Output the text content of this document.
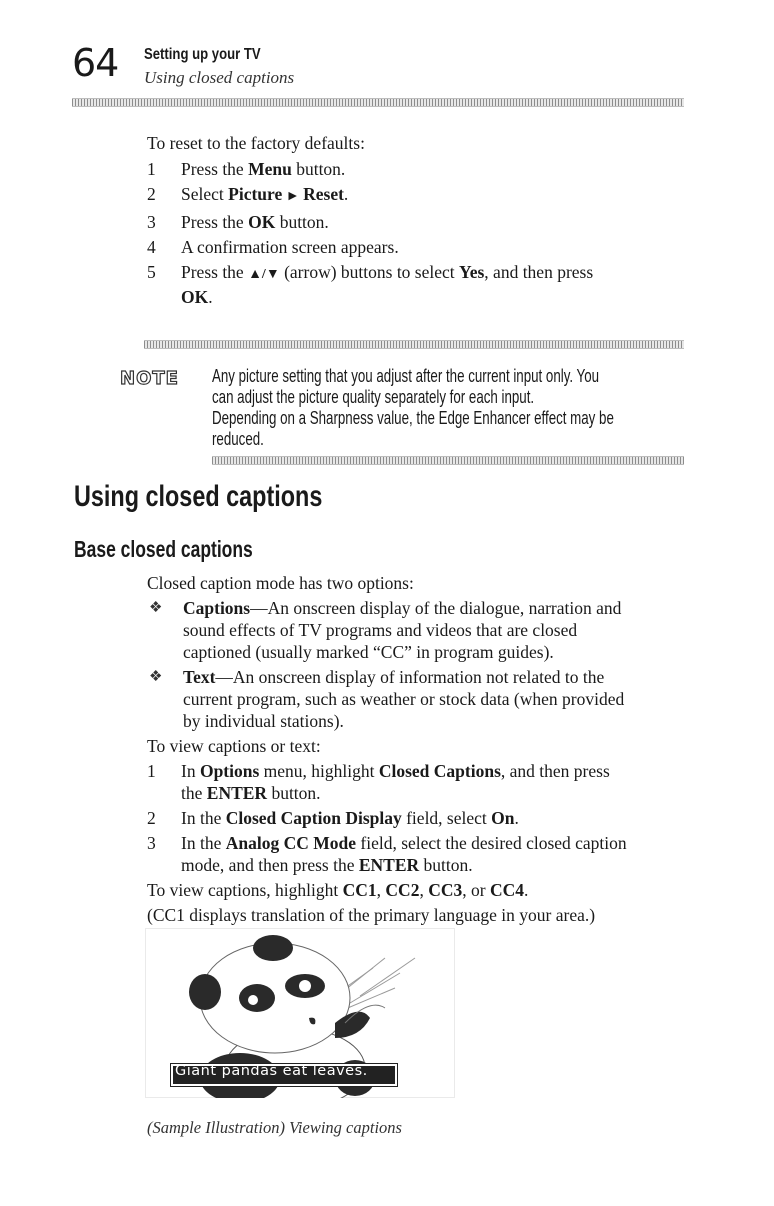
64 Setting up your TV
Using closed captions
To reset to the factory defaults:
1 Press the Menu button.
2 Select Picture ► Reset.
3 Press the OK button.
4 A confirmation screen appears.
5 Press the ▲/▼ (arrow) buttons to select Yes, and then press
OK.
NOTE Any picture setting that you adjust after the current input only. You
can adjust the picture quality separately for each input.
Depending on a Sharpness value, the Edge Enhancer effect may be
reduced.
Using closed captions
Base closed captions
Closed caption mode has two options:
❖ Captions—An onscreen display of the dialogue, narration and
sound effects of TV programs and videos that are closed
captioned (usually marked “CC” in program guides).
❖ Text—An onscreen display of information not related to the
current program, such as weather or stock data (when provided
by individual stations).
To view captions or text:
1 In Options menu, highlight Closed Captions, and then press
the ENTER button.
2 In the Closed Caption Display field, select On.
3 In the Analog CC Mode field, select the desired closed caption
mode, and then press the ENTER button.
To view captions, highlight CC1, CC2, CC3, or CC4.
(CC1 displays translation of the primary language in your area.)
Giant pandas eat leaves.
(Sample Illustration) Viewing captions
